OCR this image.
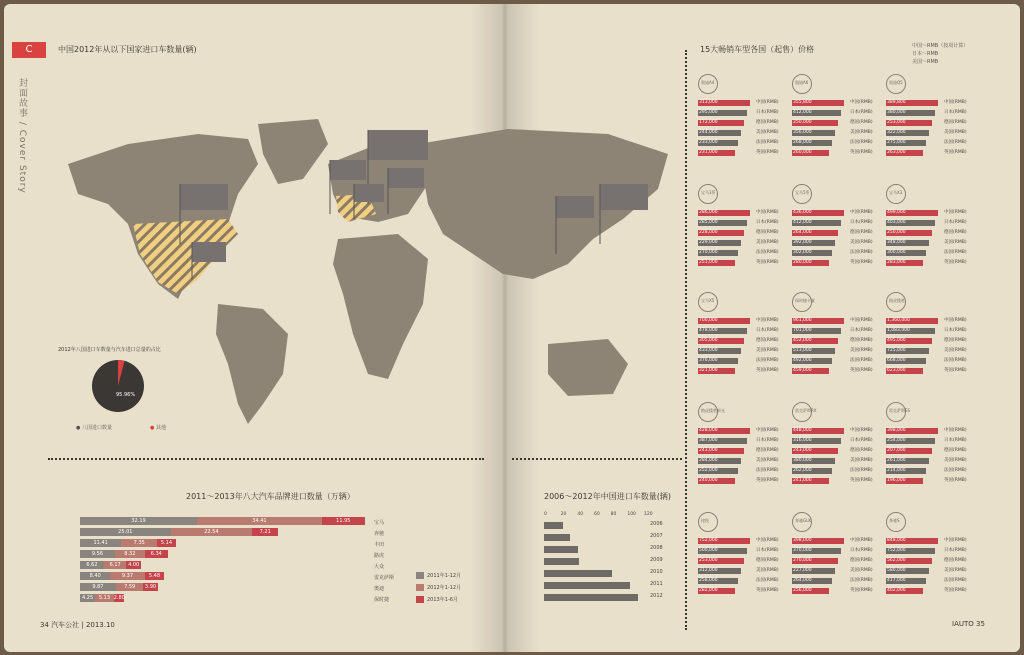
C
封面故事 / Cover Story
中国2012年从以下国家进口车数量(辆)
2012年八国进口车数量与汽车进口总量的占比
95.96%
● 八国进口数量	● 其他
2011～2013年八大汽车品牌进口数量（万辆）
32.19	34.41	11.95
25.01	22.54	7.21
11.41	7.35	5.14
9.56	8.32	6.34
6.62	6.17	4.00
8.40	9.37	5.48
9.87	7.59	3.90
4.25	5.13 2.80
宝马
奔驰
丰田
路虎
大众
雷克萨斯
奥迪
保时捷
2011年1-12月
2012年1-12月
2013年1-6月
2006～2012年中国进口车数量(辆)
0	20 40 60 80 100 120
2006
2007
2008
2009
2010
2011
2012
15大畅销车型各国（起售）价格	中国～RMB（按周计算）
日本～RMB
美国～RMB
奥迪A4
313,000	中国(RMB)
295,000	日本(RMB)
172,000	德国(RMB)
244,000	美国(RMB)
233,000	法国(RMB)
231,000	英国(RMB)
奥迪A6
355,800	中国(RMB)
412,000	日本(RMB)
250,000	德国(RMB)
356,000	美国(RMB)
268,000	法国(RMB)
260,000	英国(RMB)
奥迪Q5
389,800	中国(RMB)
380,000	日本(RMB)
253,000	德国(RMB)
322,000	美国(RMB)
275,000	法国(RMB)
263,000	英国(RMB)
宝马3系
286,000	中国(RMB)
285,000	日本(RMB)
228,000	德国(RMB)
229,000	美国(RMB)
270,000	法国(RMB)
251,000	英国(RMB)
宝马5系
436,000	中国(RMB)
412,000	日本(RMB)
264,000	德国(RMB)
392,000	美国(RMB)
302,000	法国(RMB)
280,000	英国(RMB)
宝马X3
499,000	中国(RMB)
403,000	日本(RMB)
250,000	德国(RMB)
348,000	美国(RMB)
300,000	法国(RMB)
283,000	英国(RMB)
宝马X5
700,000	中国(RMB)
478,000	日本(RMB)
305,000	德国(RMB)
433,000	美国(RMB)
376,000	法国(RMB)
321,000	英国(RMB)
保时捷卡宴
961,000	中国(RMB)
701,000	日本(RMB)
452,000	德国(RMB)
513,000	美国(RMB)
492,000	法国(RMB)
459,000	英国(RMB)
路虎揽胜
1,360,000	中国(RMB)
1,083,000	日本(RMB)
495,000	德国(RMB)
725,000	美国(RMB)
668,000	法国(RMB)
623,000	英国(RMB)
路虎揽胜极光
428,000	中国(RMB)
387,000	日本(RMB)
243,000	德国(RMB)
284,000	美国(RMB)
252,000	法国(RMB)
240,000	英国(RMB)
雷克萨斯RX
448,000	中国(RMB)
316,000	日本(RMB)
243,000	德国(RMB)
380,000	美国(RMB)
262,000	法国(RMB)
241,000	英国(RMB)
雷克萨斯ES
398,000	中国(RMB)
254,000	日本(RMB)
207,000	德国(RMB)
261,000	美国(RMB)
214,000	法国(RMB)
196,000	英国(RMB)
途锐
752,000	中国(RMB)
500,000	日本(RMB)
253,000	德国(RMB)
312,000	美国(RMB)
258,000	法国(RMB)
282,000	英国(RMB)
奔驰GLK
398,000	中国(RMB)
370,000	日本(RMB)
270,000	德国(RMB)
227,000	美国(RMB)
264,000	法国(RMB)
256,000	英国(RMB)
奔驰S
848,000	中国(RMB)
752,000	日本(RMB)
562,000	德国(RMB)
580,000	美国(RMB)
417,000	法国(RMB)
402,000	英国(RMB)
34 汽车公社 | 2013.10	IAUTO 35
